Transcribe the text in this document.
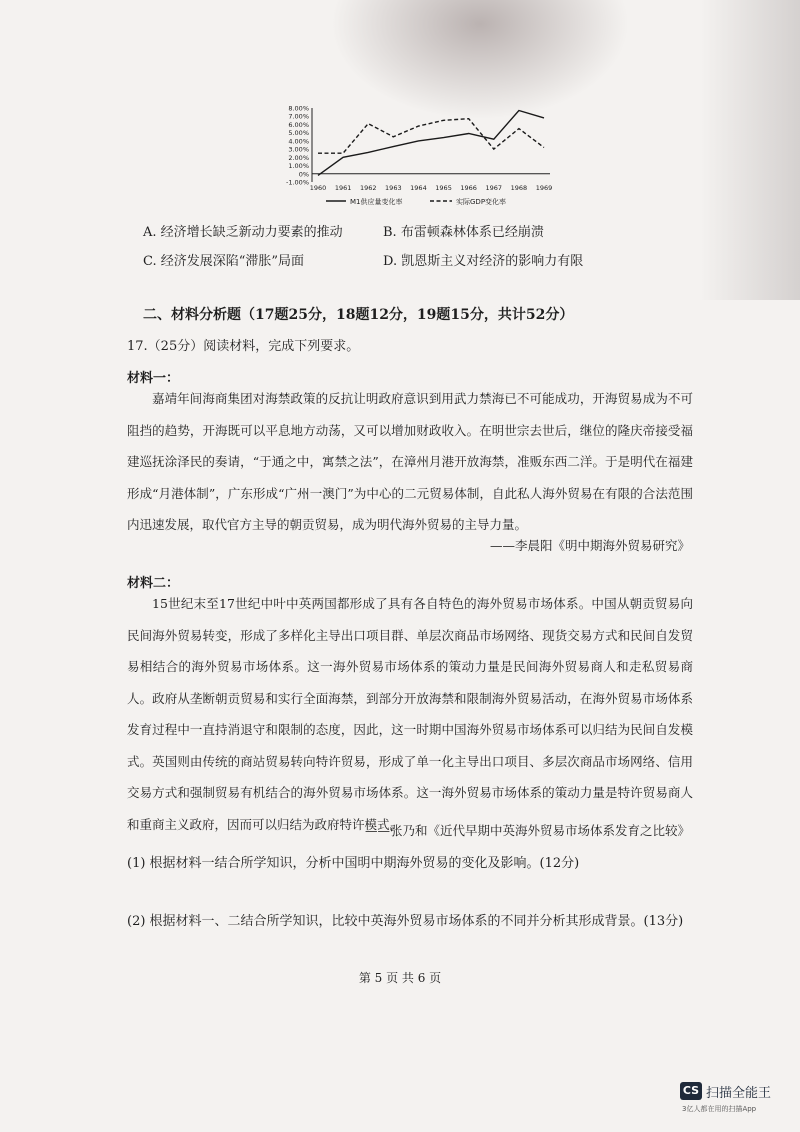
8.00%
7.00%
6.00%
5.00%
4.00%
3.00%
2.00%
1.00%
0%
-1.00%
1960 1961 1962 1963 1964 1965 1966 1967 1968 1969
M1供应量变化率	实际GDP变化率
A. 经济增长缺乏新动力要素的推动	B. 布雷顿森林体系已经崩溃
C. 经济发展深陷“滞胀”局面	D. 凯恩斯主义对经济的影响力有限
二、材料分析题（17题25分，18题12分，19题15分，共计52分）
17.（25分）阅读材料，完成下列要求。
材料一：
嘉靖年间海商集团对海禁政策的反抗让明政府意识到用武力禁海已不可能成功，开海贸易成为不可阻挡的趋势，开海既可以平息地方动荡，又可以增加财政收入。在明世宗去世后，继位的隆庆帝接受福建巡抚涂泽民的奏请，“于通之中，寓禁之法”，在漳州月港开放海禁，准贩东西二洋。于是明代在福建形成“月港体制”，广东形成“广州一澳门”为中心的二元贸易体制，自此私人海外贸易在有限的合法范围内迅速发展，取代官方主导的朝贡贸易，成为明代海外贸易的主导力量。
——李晨阳《明中期海外贸易研究》
材料二：
15世纪末至17世纪中叶中英两国都形成了具有各自特色的海外贸易市场体系。中国从朝贡贸易向民间海外贸易转变，形成了多样化主导出口项目群、单层次商品市场网络、现货交易方式和民间自发贸易相结合的海外贸易市场体系。这一海外贸易市场体系的策动力量是民间海外贸易商人和走私贸易商人。政府从垄断朝贡贸易和实行全面海禁，到部分开放海禁和限制海外贸易活动，在海外贸易市场体系发育过程中一直持消退守和限制的态度，因此，这一时期中国海外贸易市场体系可以归结为民间自发模式。英国则由传统的商站贸易转向特许贸易，形成了单一化主导出口项目、多层次商品市场网络、信用交易方式和强制贸易有机结合的海外贸易市场体系。这一海外贸易市场体系的策动力量是特许贸易商人和重商主义政府，因而可以归结为政府特许模式。
——张乃和《近代早期中英海外贸易市场体系发育之比较》
(1) 根据材料一结合所学知识，分析中国明中期海外贸易的变化及影响。(12分)
(2) 根据材料一、二结合所学知识，比较中英海外贸易市场体系的不同并分析其形成背景。(13分)
第 5 页 共 6 页
CS 扫描全能王
3亿人都在用的扫描App
